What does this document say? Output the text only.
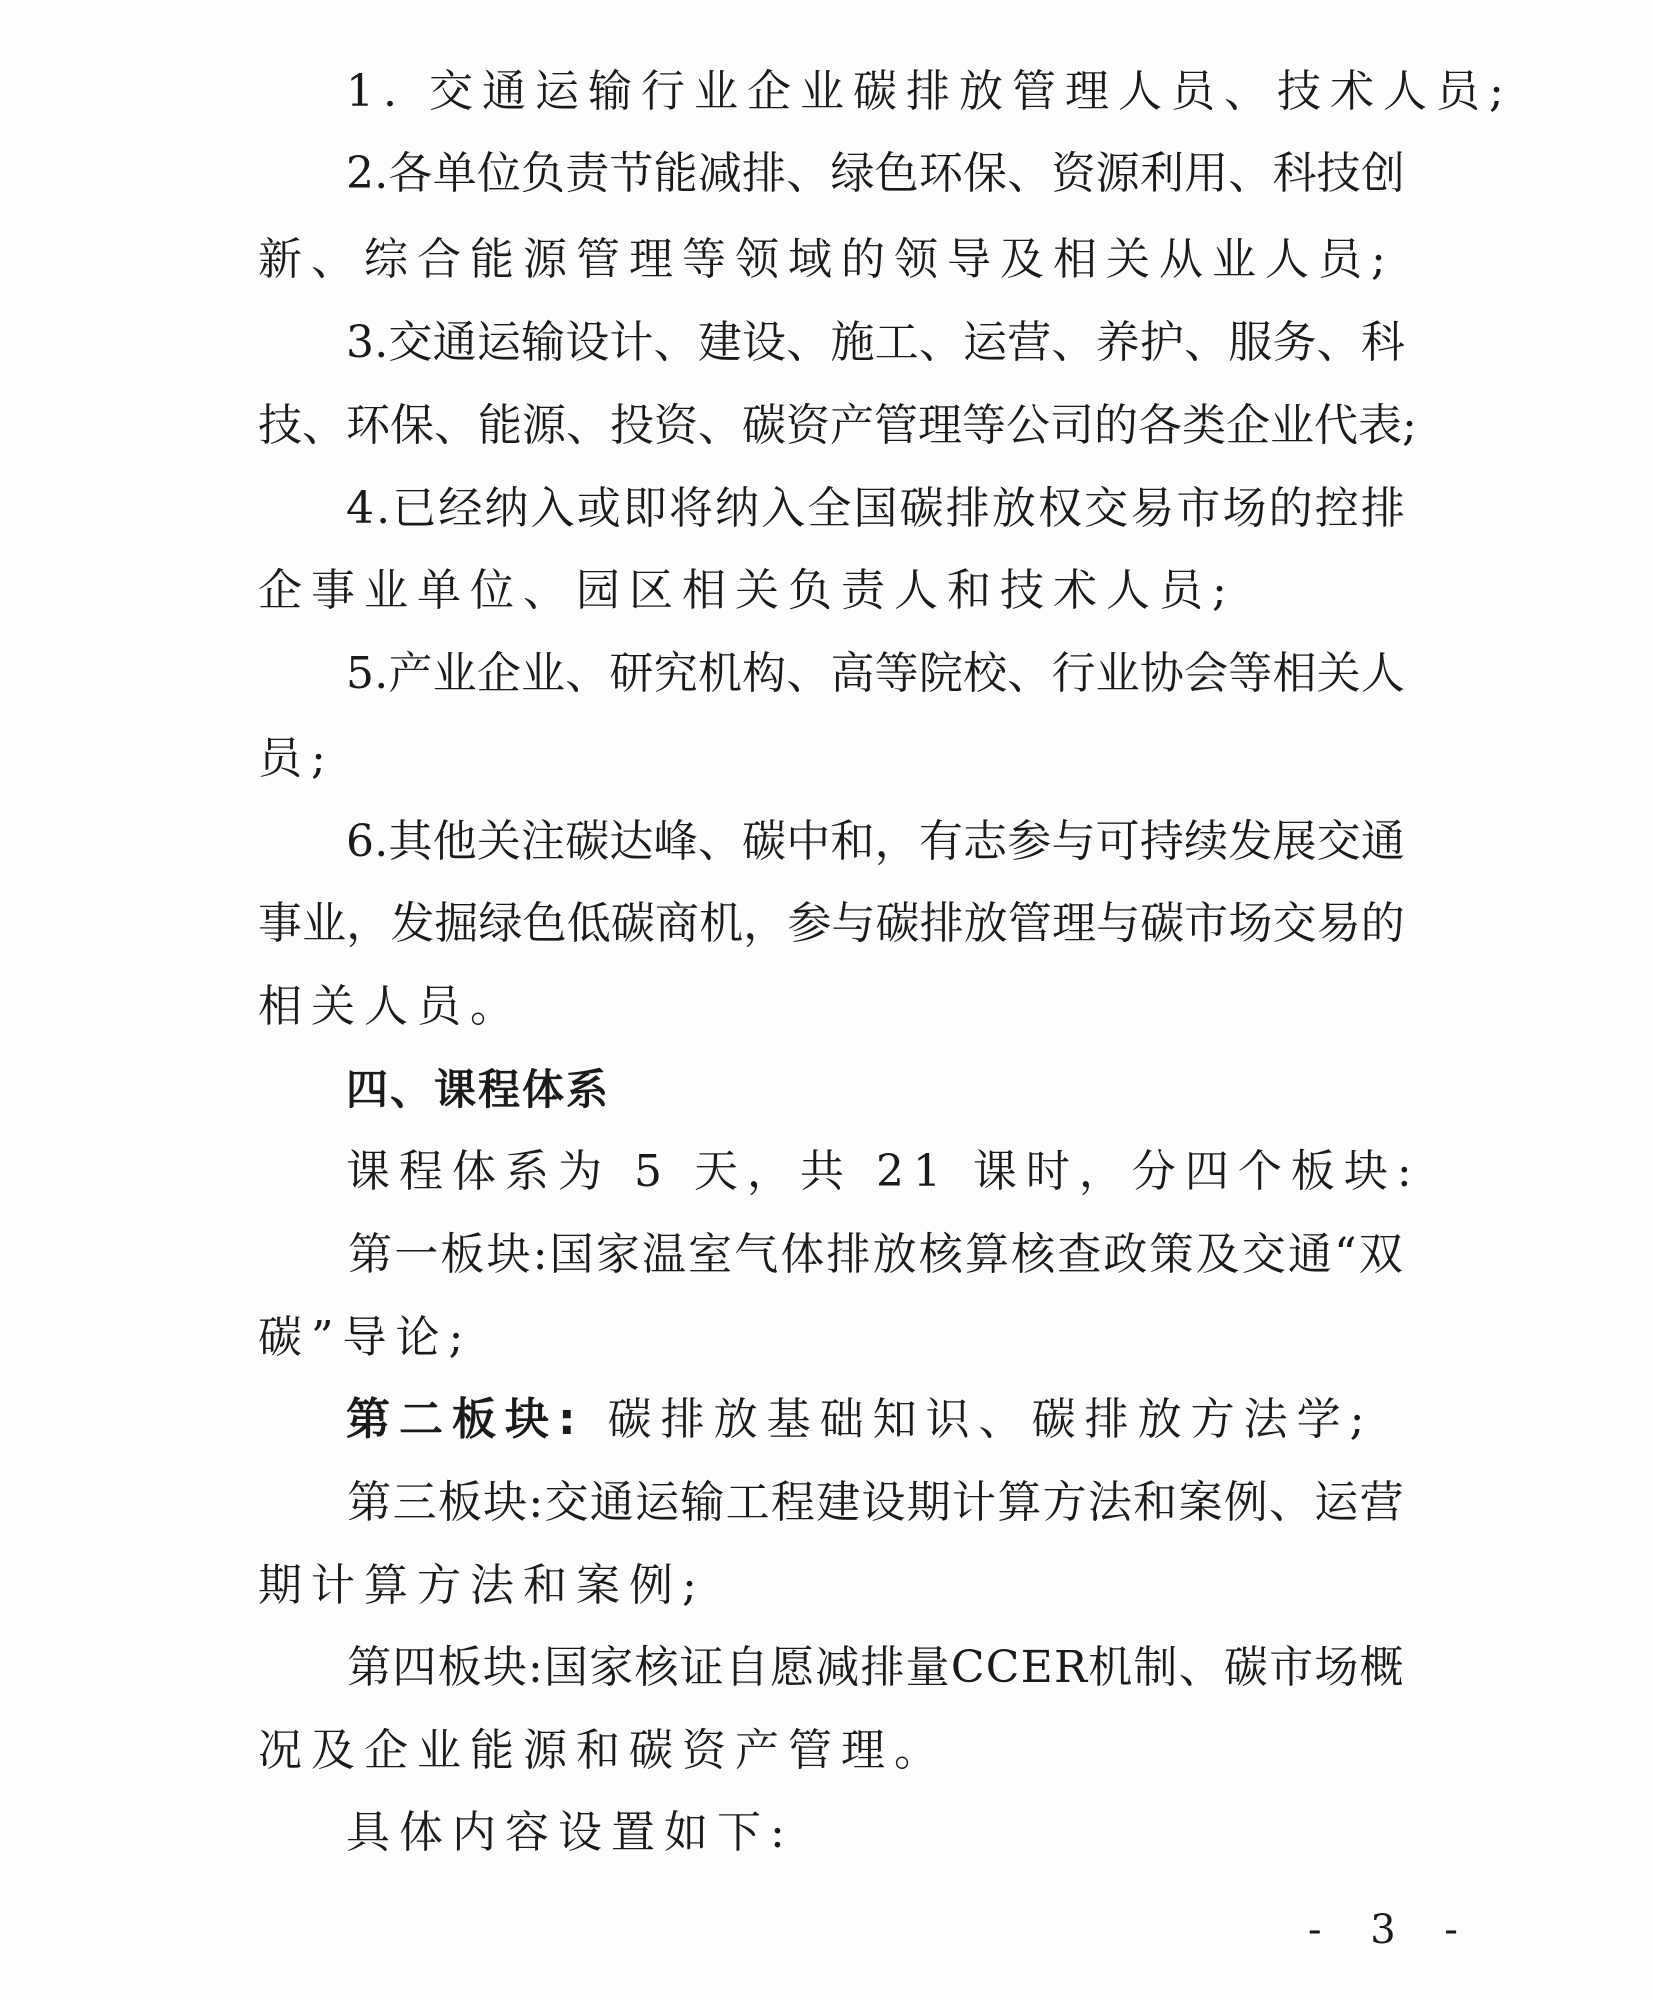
1. 交通运输行业企业碳排放管理人员、技术人员;
2 . 各 单 位 负 责 节 能 减 排 、 绿 色 环 保 、 资 源 利 用 、 科 技 创
新、综合能源管理等领域的领导及相关从业人员;
3 . 交 通 运 输 设 计 、 建 设 、 施 工 、 运 营 、 养 护 、 服 务 、 科
技 、 环 保 、 能 源 、 投 资 、 碳 资 产 管 理 等 公 司 的 各 类 企 业 代 表 ;
4 . 已 经 纳 入 或 即 将 纳 入 全 国 碳 排 放 权 交 易 市 场 的 控 排
企事业单位、园区相关负责人和技术人员;
5 . 产 业 企 业 、 研 究 机 构 、 高 等 院 校 、 行 业 协 会 等 相 关 人
员;
6 . 其 他 关 注 碳 达 峰 、 碳 中 和 ， 有 志 参 与 可 持 续 发 展 交 通
事 业 ， 发 掘 绿 色 低 碳 商 机 ， 参 与 碳 排 放 管 理 与 碳 市 场 交 易 的
相关人员。
四、课程体系
课程体系为 5 天，共 21 课时，分四个板块:
第 一 板 块 : 国 家 温 室 气 体 排 放 核 算 核 查 政 策 及 交 通 “ 双
碳”导论;
第二板块: 碳排放基础知识、碳排放方法学;
第 三 板 块 : 交 通 运 输 工 程 建 设 期 计 算 方 法 和 案 例 、 运 营
期计算方法和案例;
第 四 板 块 : 国 家 核 证 自 愿 减 排 量 C C E R 机 制 、 碳 市 场 概
况及企业能源和碳资产管理。
具体内容设置如下:
- 3 -
